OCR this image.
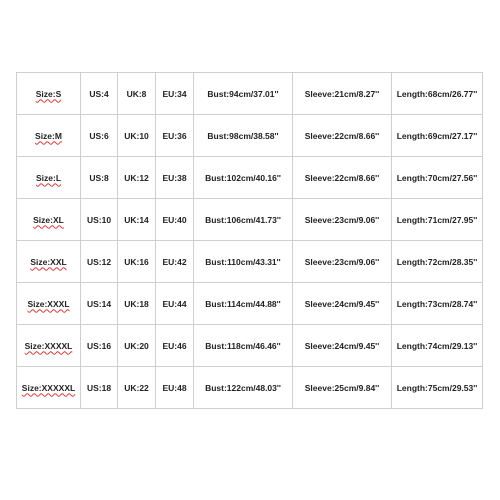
Size:S	US:4	UK:8	EU:34	Bust:94cm/37.01''	Sleeve:21cm/8.27''	Length:68cm/26.77''
Size:M	US:6	UK:10	EU:36	Bust:98cm/38.58''	Sleeve:22cm/8.66''	Length:69cm/27.17''
Size:L	US:8	UK:12	EU:38	Bust:102cm/40.16''	Sleeve:22cm/8.66''	Length:70cm/27.56''
Size:XL	US:10	UK:14	EU:40	Bust:106cm/41.73''	Sleeve:23cm/9.06''	Length:71cm/27.95''
Size:XXL	US:12	UK:16	EU:42	Bust:110cm/43.31''	Sleeve:23cm/9.06''	Length:72cm/28.35''
Size:XXXL	US:14	UK:18	EU:44	Bust:114cm/44.88''	Sleeve:24cm/9.45''	Length:73cm/28.74''
Size:XXXXL	US:16	UK:20	EU:46	Bust:118cm/46.46''	Sleeve:24cm/9.45''	Length:74cm/29.13''
Size:XXXXXL	US:18	UK:22	EU:48	Bust:122cm/48.03''	Sleeve:25cm/9.84''	Length:75cm/29.53''
